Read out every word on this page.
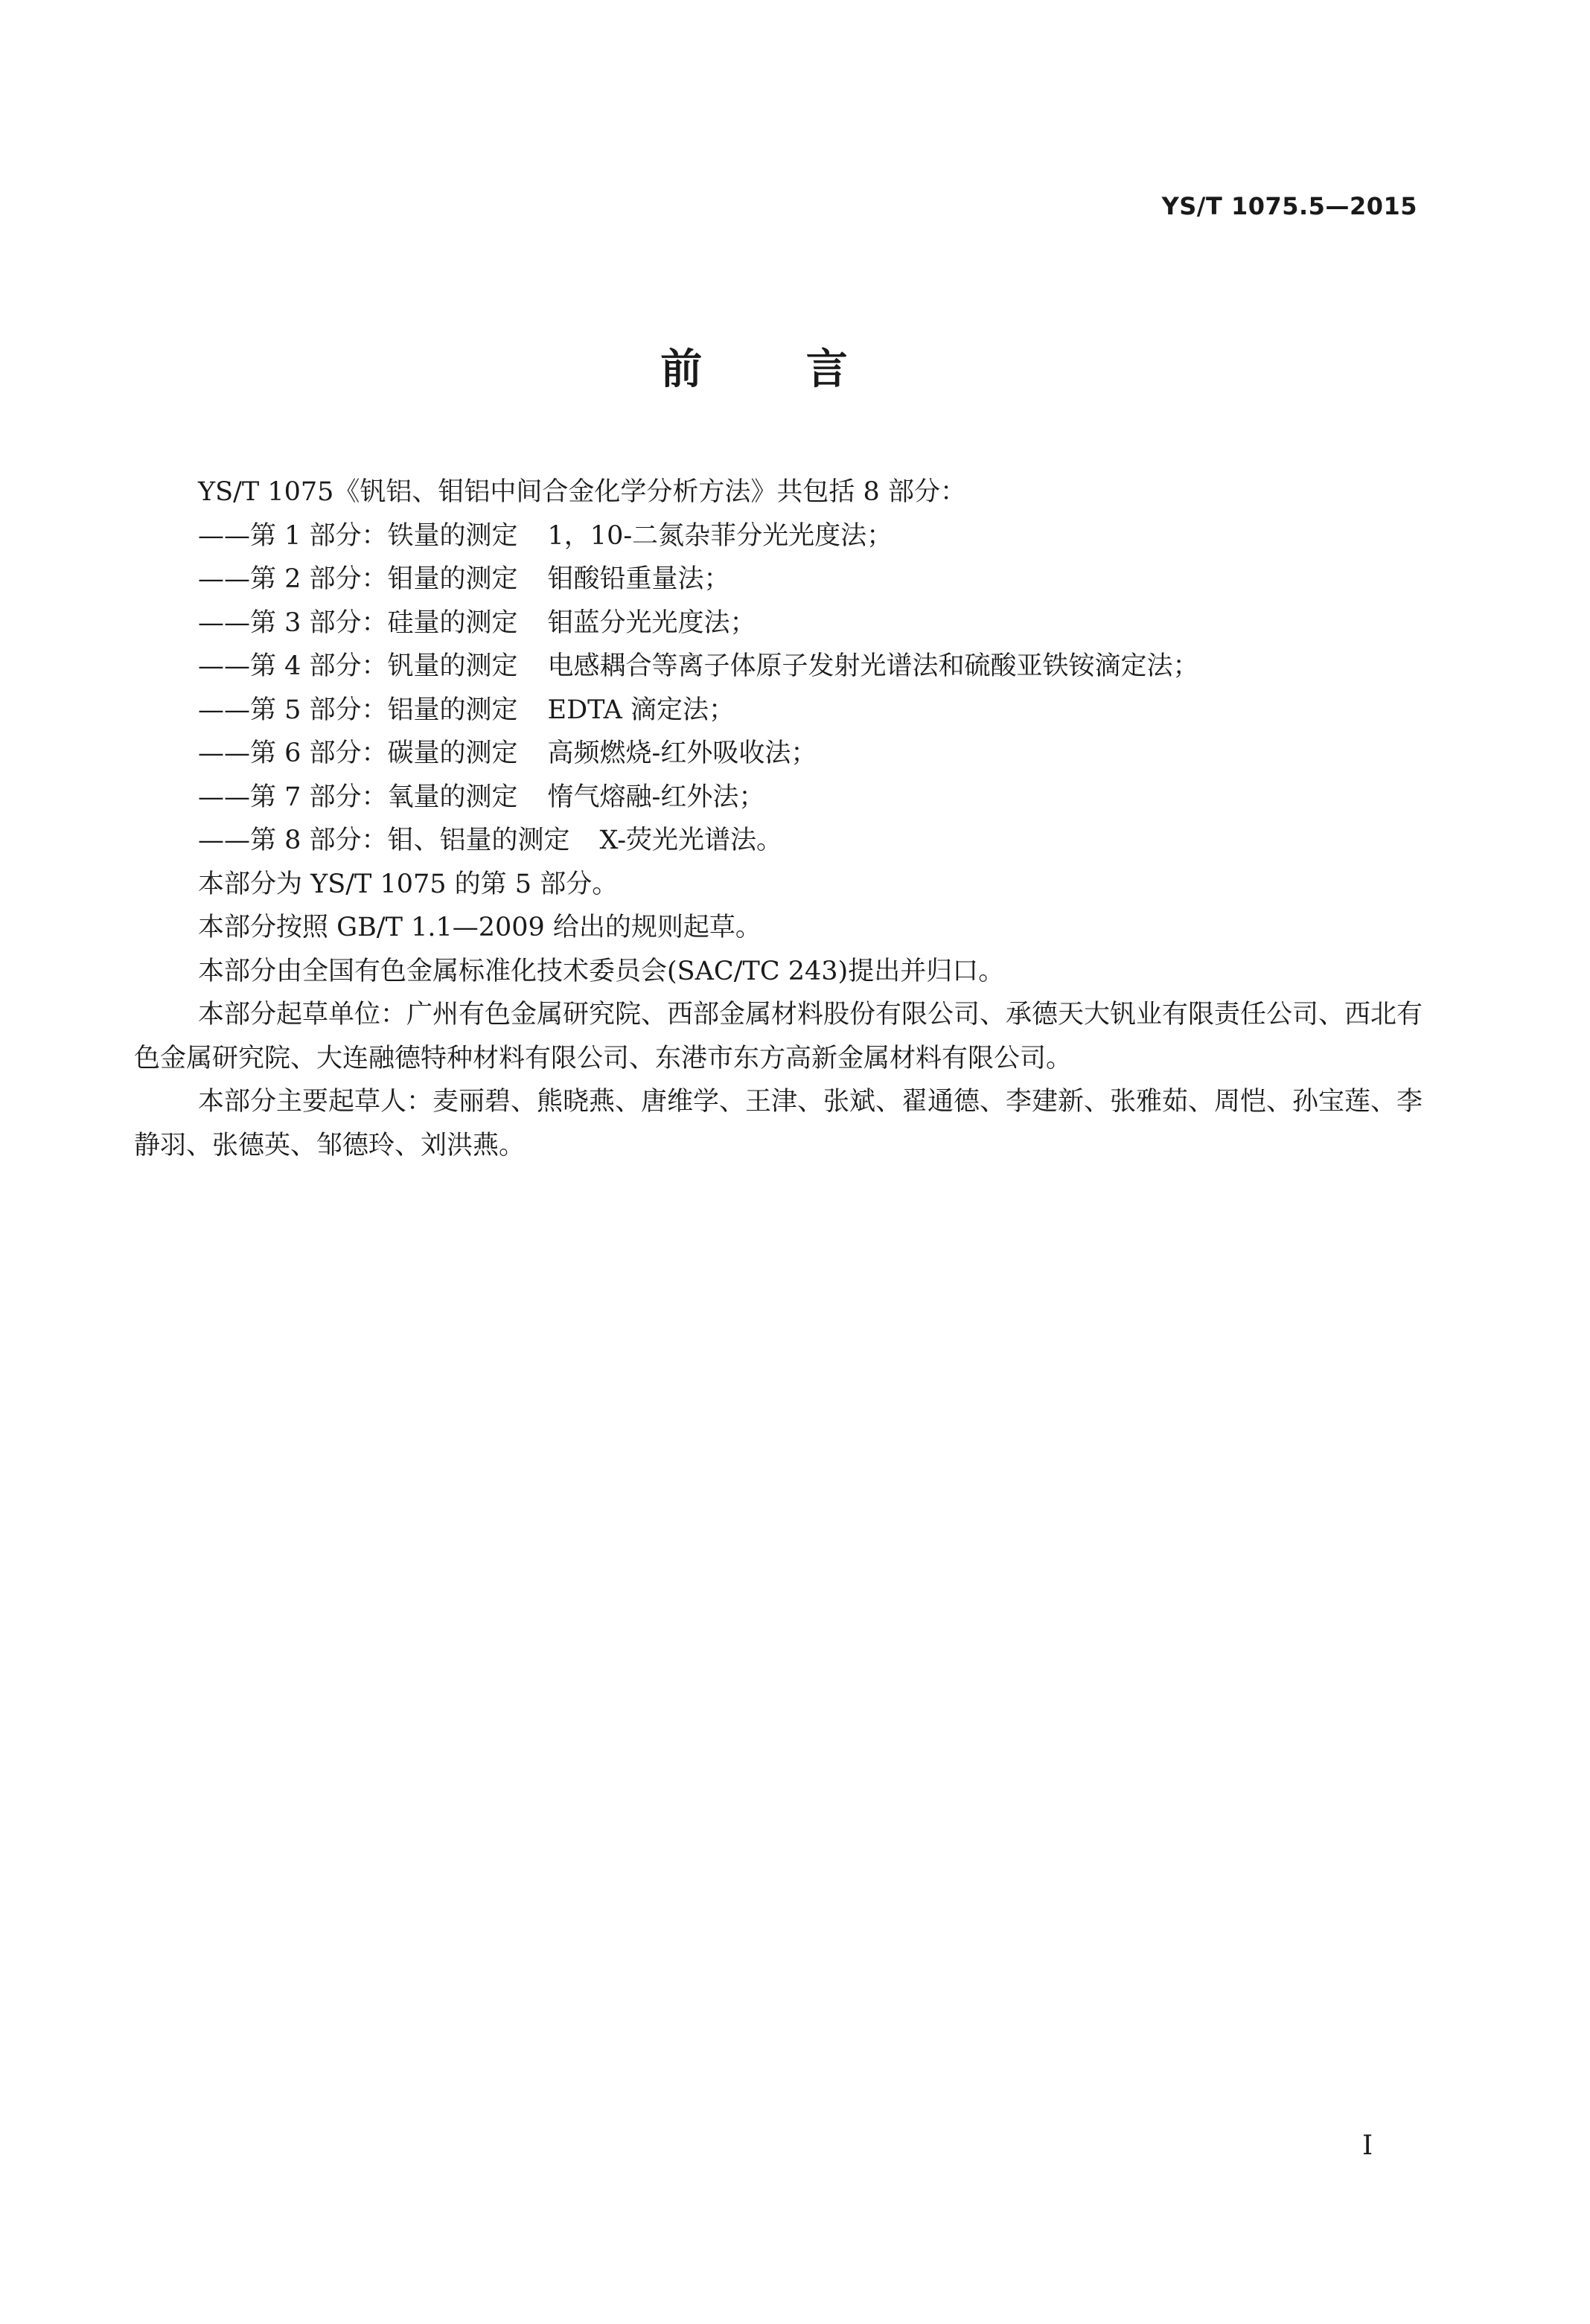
YS/T 1075.5—2015
前 言

YS/T 1075《钒铝、钼铝中间合金化学分析方法》共包括 8 部分：

——第 1 部分：铁量的测定 1，10-二氮杂菲分光光度法；

——第 2 部分：钼量的测定 钼酸铅重量法；

——第 3 部分：硅量的测定 钼蓝分光光度法；

——第 4 部分：钒量的测定 电感耦合等离子体原子发射光谱法和硫酸亚铁铵滴定法；

——第 5 部分：铝量的测定 EDTA 滴定法；

——第 6 部分：碳量的测定 高频燃烧-红外吸收法；

——第 7 部分：氧量的测定 惰气熔融-红外法；

——第 8 部分：钼、铝量的测定 X-荧光光谱法。

本部分为 YS/T 1075 的第 5 部分。

本部分按照 GB/T 1.1—2009 给出的规则起草。

本部分由全国有色金属标准化技术委员会(SAC/TC 243)提出并归口。

本部分起草单位：广州有色金属研究院、西部金属材料股份有限公司、承德天大钒业有限责任公司、西北有色金属研究院、大连融德特种材料有限公司、东港市东方高新金属材料有限公司。

本部分主要起草人：麦丽碧、熊晓燕、唐维学、王津、张斌、翟通德、李建新、张雅茹、周恺、孙宝莲、李静羽、张德英、邹德玲、刘洪燕。

I
